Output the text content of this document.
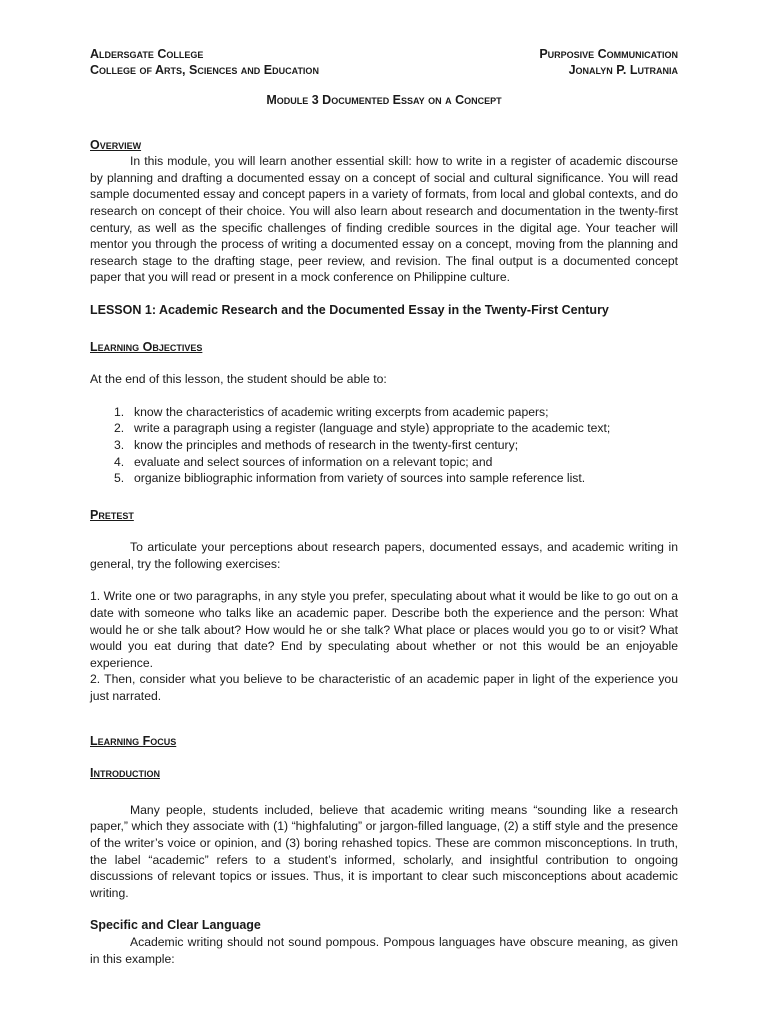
Aldersgate College
College of Arts, Sciences and Education
Purposive Communication
Jonalyn P. Lutrania
Module 3 Documented Essay on a Concept
Overview

In this module, you will learn another essential skill: how to write in a register of academic discourse by planning and drafting a documented essay on a concept of social and cultural significance. You will read sample documented essay and concept papers in a variety of formats, from local and global contexts, and do research on concept of their choice. You will also learn about research and documentation in the twenty-first century, as well as the specific challenges of finding credible sources in the digital age. Your teacher will mentor you through the process of writing a documented essay on a concept, moving from the planning and research stage to the drafting stage, peer review, and revision. The final output is a documented concept paper that you will read or present in a mock conference on Philippine culture.

LESSON 1: Academic Research and the Documented Essay in the Twenty-First Century
Learning Objectives

At the end of this lesson, the student should be able to:

1. know the characteristics of academic writing excerpts from academic papers;
2. write a paragraph using a register (language and style) appropriate to the academic text;
3. know the principles and methods of research in the twenty-first century;
4. evaluate and select sources of information on a relevant topic; and
5. organize bibliographic information from variety of sources into sample reference list.
Pretest

To articulate your perceptions about research papers, documented essays, and academic writing in general, try the following exercises:

1. Write one or two paragraphs, in any style you prefer, speculating about what it would be like to go out on a date with someone who talks like an academic paper. Describe both the experience and the person: What would he or she talk about? How would he or she talk? What place or places would you go to or visit? What would you eat during that date? End by speculating about whether or not this would be an enjoyable experience.

2. Then, consider what you believe to be characteristic of an academic paper in light of the experience you just narrated.

Learning Focus
Introduction

Many people, students included, believe that academic writing means “sounding like a research paper,” which they associate with (1) “highfaluting” or jargon-filled language, (2) a stiff style and the presence of the writer’s voice or opinion, and (3) boring rehashed topics. These are common misconceptions. In truth, the label “academic” refers to a student’s informed, scholarly, and insightful contribution to ongoing discussions of relevant topics or issues. Thus, it is important to clear such misconceptions about academic writing.

Specific and Clear Language

Academic writing should not sound pompous. Pompous languages have obscure meaning, as given in this example:
